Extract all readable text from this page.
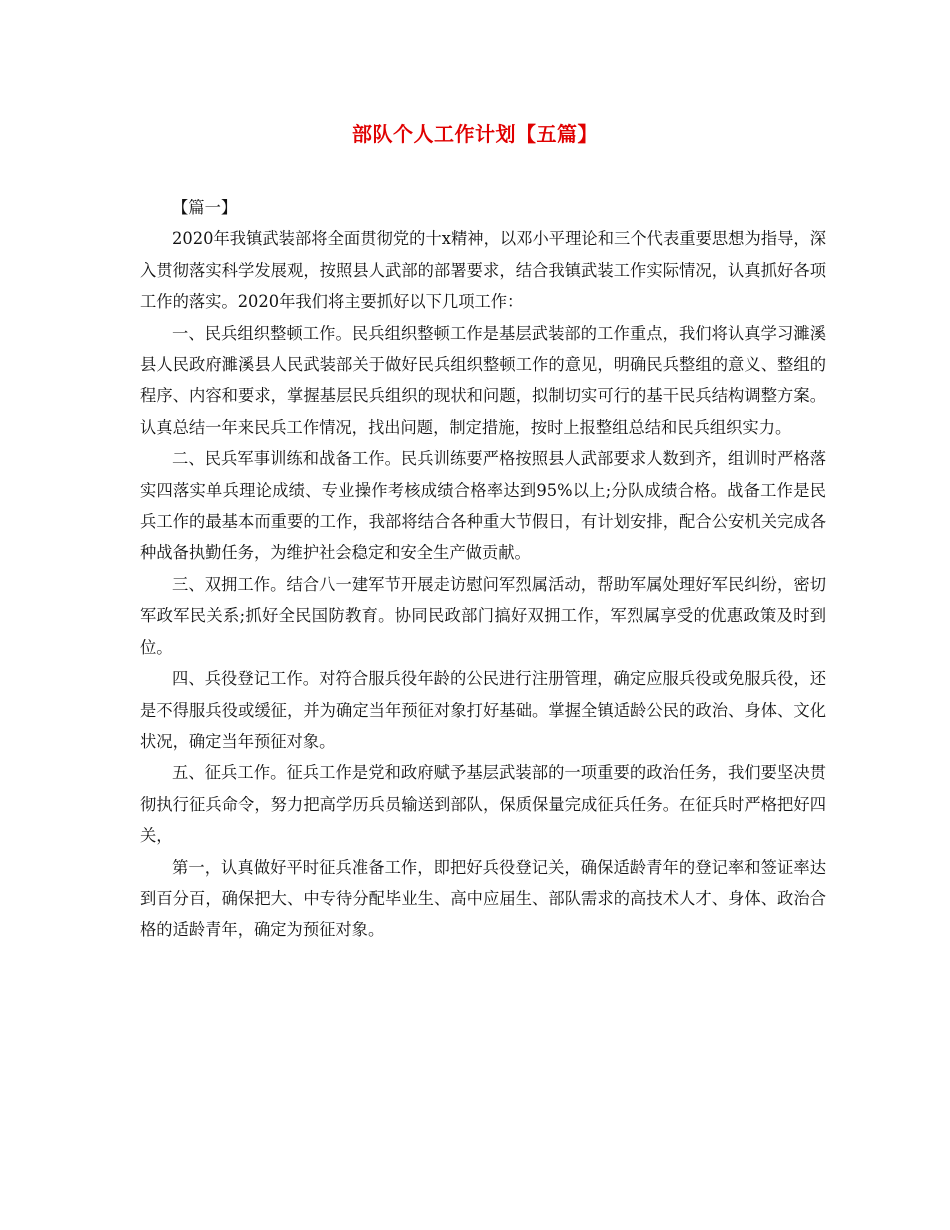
部队个人工作计划【五篇】

【篇一】

2020年我镇武装部将全面贯彻党的十x精神，以邓小平理论和三个代表重要思想为指导，深入贯彻落实科学发展观，按照县人武部的部署要求，结合我镇武装工作实际情况，认真抓好各项工作的落实。2020年我们将主要抓好以下几项工作：

一、民兵组织整顿工作。民兵组织整顿工作是基层武装部的工作重点，我们将认真学习濉溪县人民政府濉溪县人民武装部关于做好民兵组织整顿工作的意见，明确民兵整组的意义、整组的程序、内容和要求，掌握基层民兵组织的现状和问题，拟制切实可行的基干民兵结构调整方案。认真总结一年来民兵工作情况，找出问题，制定措施，按时上报整组总结和民兵组织实力。

二、民兵军事训练和战备工作。民兵训练要严格按照县人武部要求人数到齐，组训时严格落实四落实单兵理论成绩、专业操作考核成绩合格率达到95%以上;分队成绩合格。战备工作是民兵工作的最基本而重要的工作，我部将结合各种重大节假日，有计划安排，配合公安机关完成各种战备执勤任务，为维护社会稳定和安全生产做贡献。

三、双拥工作。结合八一建军节开展走访慰问军烈属活动，帮助军属处理好军民纠纷，密切军政军民关系;抓好全民国防教育。协同民政部门搞好双拥工作，军烈属享受的优惠政策及时到位。

四、兵役登记工作。对符合服兵役年龄的公民进行注册管理，确定应服兵役或免服兵役，还是不得服兵役或缓征，并为确定当年预征对象打好基础。掌握全镇适龄公民的政治、身体、文化状况，确定当年预征对象。

五、征兵工作。征兵工作是党和政府赋予基层武装部的一项重要的政治任务，我们要坚决贯彻执行征兵命令，努力把高学历兵员输送到部队，保质保量完成征兵任务。在征兵时严格把好四关，

第一，认真做好平时征兵准备工作，即把好兵役登记关，确保适龄青年的登记率和签证率达到百分百，确保把大、中专待分配毕业生、高中应届生、部队需求的高技术人才、身体、政治合格的适龄青年，确定为预征对象。
